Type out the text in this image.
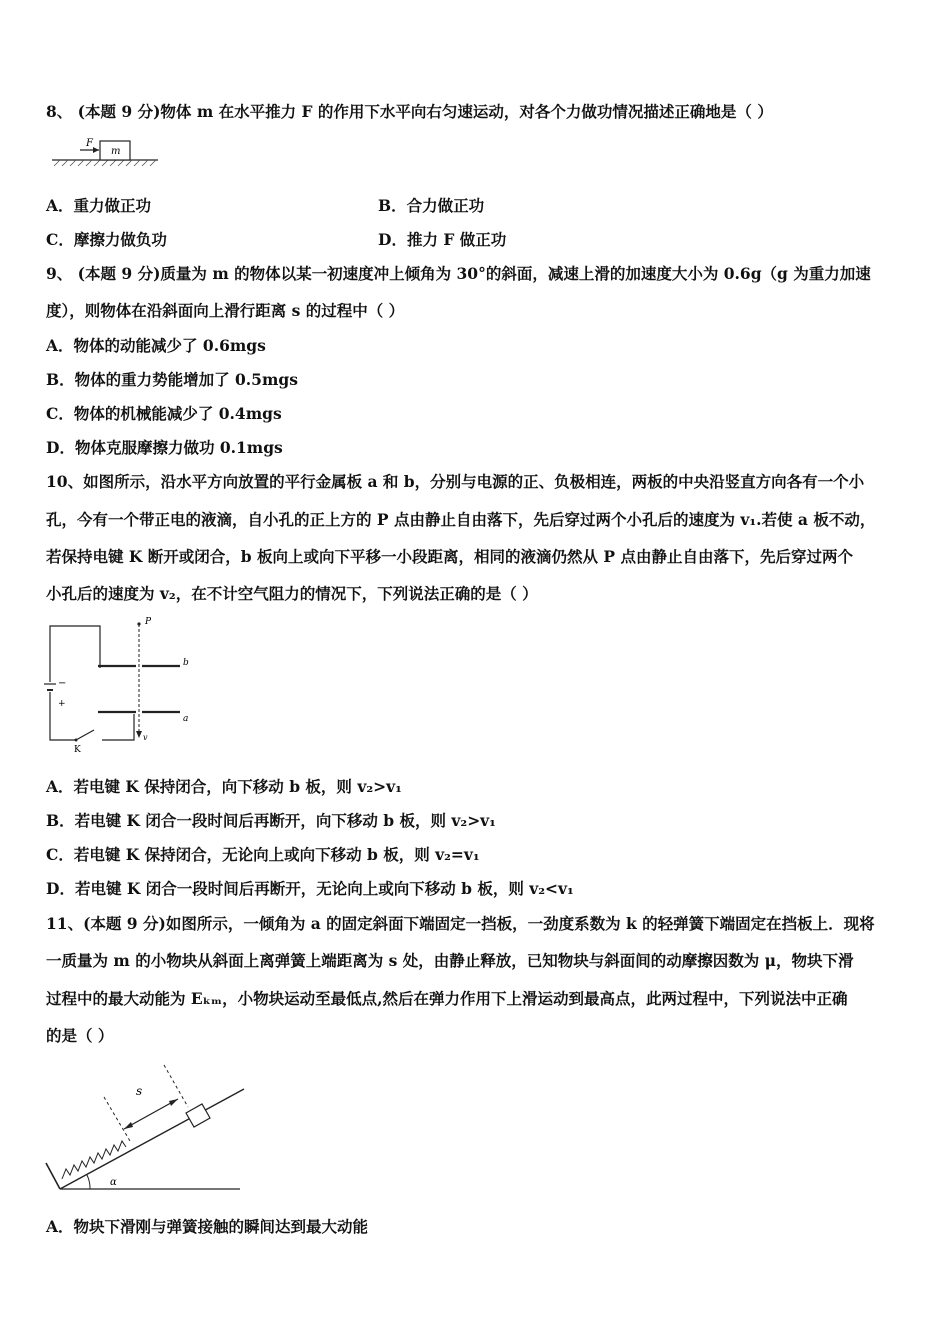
8、 (本题 9 分)物体 m 在水平推力 F 的作用下水平向右匀速运动，对各个力做功情况描述正确地是（ ）
F
m
A．重力做正功	B．合力做正功
C．摩擦力做负功	D．推力 F 做正功
9、 (本题 9 分)质量为 m 的物体以某一初速度冲上倾角为 30°的斜面，减速上滑的加速度大小为 0.6g（g 为重力加速
度），则物体在沿斜面向上滑行距离 s 的过程中（ ）
A．物体的动能减少了 0.6mgs
B．物体的重力势能增加了 0.5mgs
C．物体的机械能减少了 0.4mgs
D．物体克服摩擦力做功 0.1mgs
10、如图所示，沿水平方向放置的平行金属板 a 和 b，分别与电源的正、负极相连，两板的中央沿竖直方向各有一个小
孔，今有一个带正电的液滴，自小孔的正上方的 P 点由静止自由落下，先后穿过两个小孔后的速度为 v₁.若使 a 板不动，
若保持电键 K 断开或闭合，b 板向上或向下平移一小段距离，相同的液滴仍然从 P 点由静止自由落下，先后穿过两个
小孔后的速度为 v₂，在不计空气阻力的情况下，下列说法正确的是（ ）
−
+
K
b
a
P
v
A．若电键 K 保持闭合，向下移动 b 板，则 v₂>v₁
B．若电键 K 闭合一段时间后再断开，向下移动 b 板，则 v₂>v₁
C．若电键 K 保持闭合，无论向上或向下移动 b 板，则 v₂=v₁
D．若电键 K 闭合一段时间后再断开，无论向上或向下移动 b 板，则 v₂<v₁
11、(本题 9 分)如图所示，一倾角为 a 的固定斜面下端固定一挡板，一劲度系数为 k 的轻弹簧下端固定在挡板上．现将
一质量为 m 的小物块从斜面上离弹簧上端距离为 s 处，由静止释放，已知物块与斜面间的动摩擦因数为 μ，物块下滑
过程中的最大动能为 Eₖₘ，小物块运动至最低点,然后在弹力作用下上滑运动到最高点，此两过程中，下列说法中正确
的是（ ）
s
α
A．物块下滑刚与弹簧接触的瞬间达到最大动能
